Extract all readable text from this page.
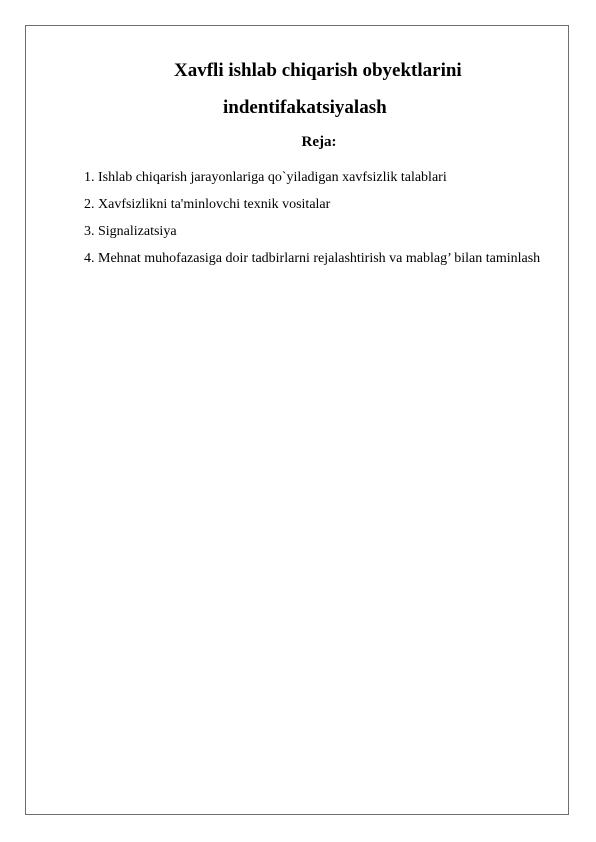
Xavfli ishlab chiqarish obyektlarini
indentifakatsiyalash
Reja:
1. Ishlab chiqarish jarayonlariga qo`yiladigan xavfsizlik talablari
2. Xavfsizlikni ta'minlovchi texnik vositalar
3. Signalizatsiya
4. Mehnat muhofazasiga doir tadbirlarni rejalashtirish va mablag’ bilan taminlash
